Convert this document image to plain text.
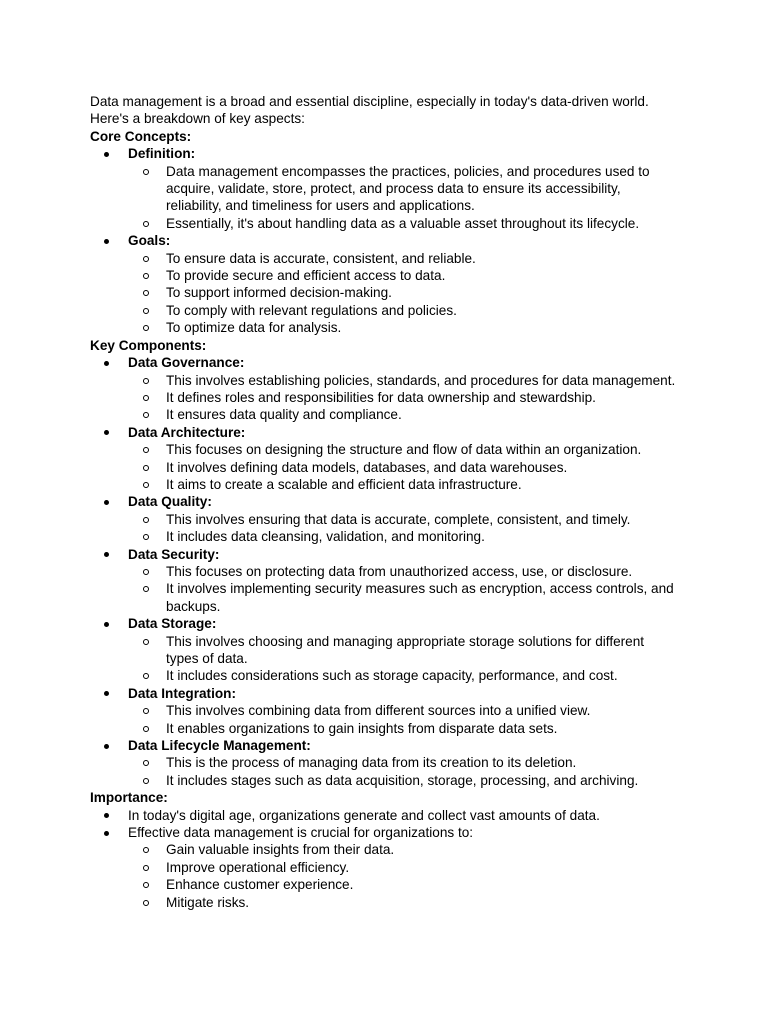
Data management is a broad and essential discipline, especially in today's data-driven world. Here's a breakdown of key aspects:

Core Concepts:

Definition:
Data management encompasses the practices, policies, and procedures used to acquire, validate, store, protect, and process data to ensure its accessibility, reliability, and timeliness for users and applications.
Essentially, it's about handling data as a valuable asset throughout its lifecycle.
Goals:
To ensure data is accurate, consistent, and reliable.
To provide secure and efficient access to data.
To support informed decision-making.
To comply with relevant regulations and policies.
To optimize data for analysis.

Key Components:

Data Governance:
This involves establishing policies, standards, and procedures for data management.
It defines roles and responsibilities for data ownership and stewardship.
It ensures data quality and compliance.
Data Architecture:
This focuses on designing the structure and flow of data within an organization.
It involves defining data models, databases, and data warehouses.
It aims to create a scalable and efficient data infrastructure.
Data Quality:
This involves ensuring that data is accurate, complete, consistent, and timely.
It includes data cleansing, validation, and monitoring.
Data Security:
This focuses on protecting data from unauthorized access, use, or disclosure.
It involves implementing security measures such as encryption, access controls, and backups.
Data Storage:
This involves choosing and managing appropriate storage solutions for different types of data.
It includes considerations such as storage capacity, performance, and cost.
Data Integration:
This involves combining data from different sources into a unified view.
It enables organizations to gain insights from disparate data sets.
Data Lifecycle Management:
This is the process of managing data from its creation to its deletion.
It includes stages such as data acquisition, storage, processing, and archiving.

Importance:

In today's digital age, organizations generate and collect vast amounts of data.
Effective data management is crucial for organizations to:
Gain valuable insights from their data.
Improve operational efficiency.
Enhance customer experience.
Mitigate risks.
